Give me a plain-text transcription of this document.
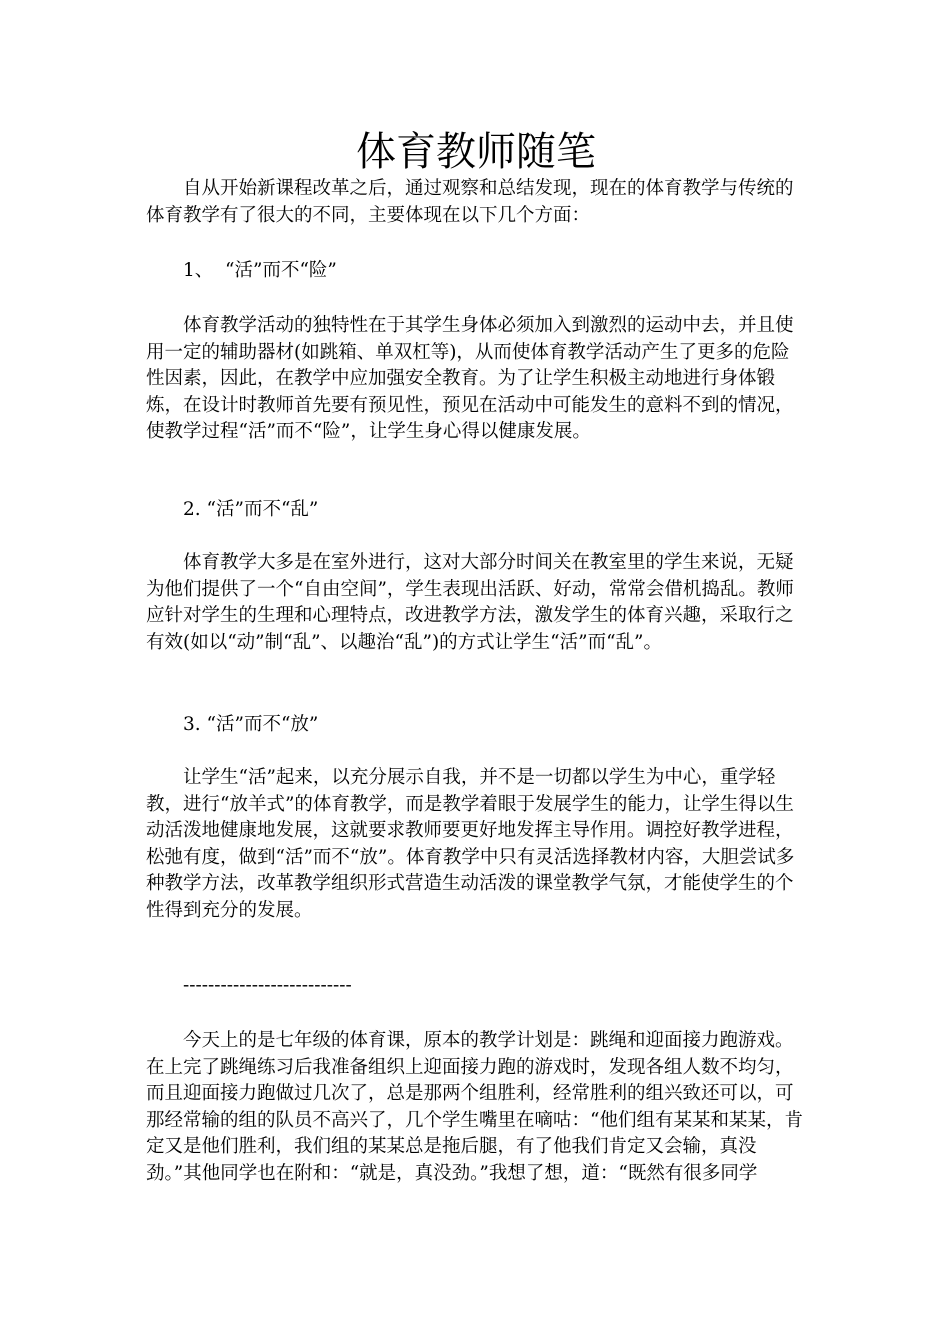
体育教师随笔

自从开始新课程改革之后，通过观察和总结发现，现在的体育教学与传统的体育教学有了很大的不同，主要体现在以下几个方面：

1、  “活”而不“险”

体育教学活动的独特性在于其学生身体必须加入到激烈的运动中去，并且使用一定的辅助器材(如跳箱、单双杠等)，从而使体育教学活动产生了更多的危险性因素，因此，在教学中应加强安全教育。为了让学生积极主动地进行身体锻炼，在设计时教师首先要有预见性，预见在活动中可能发生的意料不到的情况，使教学过程“活”而不“险”，让学生身心得以健康发展。

2. “活”而不“乱”

体育教学大多是在室外进行，这对大部分时间关在教室里的学生来说，无疑为他们提供了一个“自由空间”，学生表现出活跃、好动，常常会借机捣乱。教师应针对学生的生理和心理特点，改进教学方法，激发学生的体育兴趣，采取行之有效(如以“动”制“乱”、以趣治“乱”)的方式让学生“活”而“乱”。

3. “活”而不“放”

让学生“活”起来，以充分展示自我，并不是一切都以学生为中心，重学轻教，进行“放羊式”的体育教学，而是教学着眼于发展学生的能力，让学生得以生动活泼地健康地发展，这就要求教师要更好地发挥主导作用。调控好教学进程，松弛有度，做到“活”而不“放”。体育教学中只有灵活选择教材内容，大胆尝试多种教学方法，改革教学组织形式营造生动活泼的课堂教学气氛，才能使学生的个性得到充分的发展。

---------------------------

今天上的是七年级的体育课，原本的教学计划是：跳绳和迎面接力跑游戏。在上完了跳绳练习后我准备组织上迎面接力跑的游戏时，发现各组人数不均匀，而且迎面接力跑做过几次了，总是那两个组胜利，经常胜利的组兴致还可以，可那经常输的组的队员不高兴了，几个学生嘴里在嘀咕：“他们组有某某和某某，肯定又是他们胜利，我们组的某某总是拖后腿，有了他我们肯定又会输，真没劲。”其他同学也在附和：“就是，真没劲。”我想了想，道：“既然有很多同学
